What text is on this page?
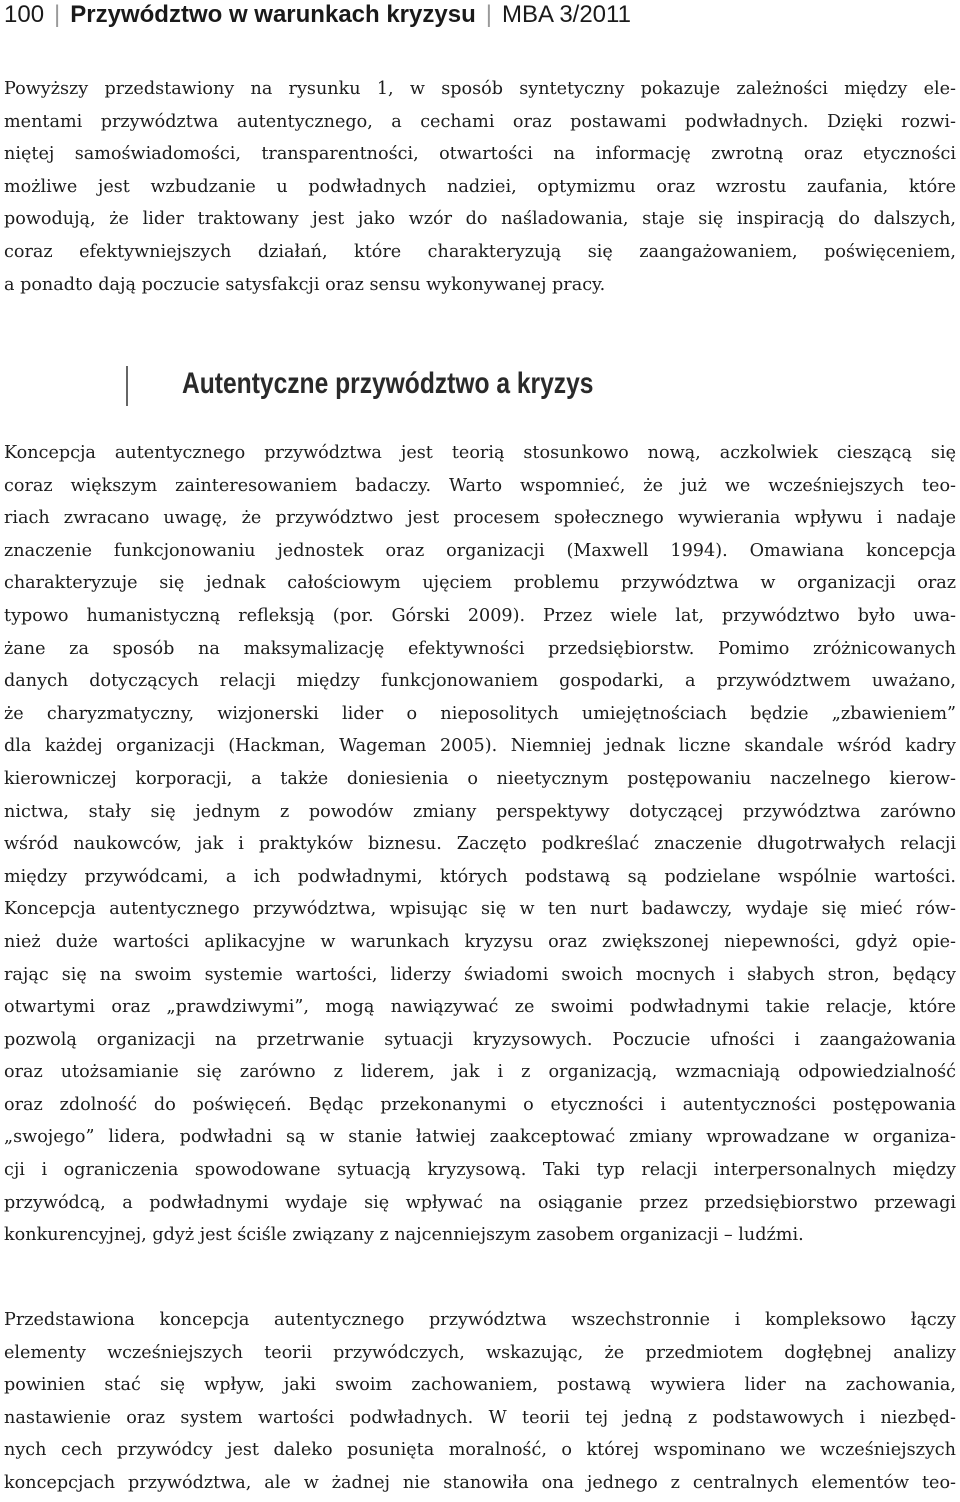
100 | Przywództwo w warunkach kryzysu | MBA 3/2011
Powyższy przedstawiony na rysunku 1, w sposób syntetyczny pokazuje zależności między ele-
mentami przywództwa autentycznego, a cechami oraz postawami podwładnych. Dzięki rozwi-
niętej samoświadomości, transparentności, otwartości na informację zwrotną oraz etyczności
możliwe jest wzbudzanie u podwładnych nadziei, optymizmu oraz wzrostu zaufania, które
powodują, że lider traktowany jest jako wzór do naśladowania, staje się inspiracją do dalszych,
coraz efektywniejszych działań, które charakteryzują się zaangażowaniem, poświęceniem,
a ponadto dają poczucie satysfakcji oraz sensu wykonywanej pracy.
Autentyczne przywództwo a kryzys
Koncepcja autentycznego przywództwa jest teorią stosunkowo nową, aczkolwiek cieszącą się
coraz większym zainteresowaniem badaczy. Warto wspomnieć, że już we wcześniejszych teo-
riach zwracano uwagę, że przywództwo jest procesem społecznego wywierania wpływu i nadaje
znaczenie funkcjonowaniu jednostek oraz organizacji (Maxwell 1994). Omawiana koncepcja
charakteryzuje się jednak całościowym ujęciem problemu przywództwa w organizacji oraz
typowo humanistyczną refleksją (por. Górski 2009). Przez wiele lat, przywództwo było uwa-
żane za sposób na maksymalizację efektywności przedsiębiorstw. Pomimo zróżnicowanych
danych dotyczących relacji między funkcjonowaniem gospodarki, a przywództwem uważano,
że charyzmatyczny, wizjonerski lider o nieposolitych umiejętnościach będzie „zbawieniem”
dla każdej organizacji (Hackman, Wageman 2005). Niemniej jednak liczne skandale wśród kadry
kierowniczej korporacji, a także doniesienia o nieetycznym postępowaniu naczelnego kierow-
nictwa, stały się jednym z powodów zmiany perspektywy dotyczącej przywództwa zarówno
wśród naukowców, jak i praktyków biznesu. Zaczęto podkreślać znaczenie długotrwałych relacji
między przywódcami, a ich podwładnymi, których podstawą są podzielane wspólnie wartości.
Koncepcja autentycznego przywództwa, wpisując się w ten nurt badawczy, wydaje się mieć rów-
nież duże wartości aplikacyjne w warunkach kryzysu oraz zwiększonej niepewności, gdyż opie-
rając się na swoim systemie wartości, liderzy świadomi swoich mocnych i słabych stron, będący
otwartymi oraz „prawdziwymi”, mogą nawiązywać ze swoimi podwładnymi takie relacje, które
pozwolą organizacji na przetrwanie sytuacji kryzysowych. Poczucie ufności i zaangażowania
oraz utożsamianie się zarówno z liderem, jak i z organizacją, wzmacniają odpowiedzialność
oraz zdolność do poświęceń. Będąc przekonanymi o etyczności i autentyczności postępowania
„swojego” lidera, podwładni są w stanie łatwiej zaakceptować zmiany wprowadzane w organiza-
cji i ograniczenia spowodowane sytuacją kryzysową. Taki typ relacji interpersonalnych między
przywódcą, a podwładnymi wydaje się wpływać na osiąganie przez przedsiębiorstwo przewagi
konkurencyjnej, gdyż jest ściśle związany z najcenniejszym zasobem organizacji – ludźmi.
Przedstawiona koncepcja autentycznego przywództwa wszechstronnie i kompleksowo łączy
elementy wcześniejszych teorii przywódczych, wskazując, że przedmiotem dogłębnej analizy
powinien stać się wpływ, jaki swoim zachowaniem, postawą wywiera lider na zachowania,
nastawienie oraz system wartości podwładnych. W teorii tej jedną z podstawowych i niezbęd-
nych cech przywódcy jest daleko posunięta moralność, o której wspominano we wcześniejszych
koncepcjach przywództwa, ale w żadnej nie stanowiła ona jednego z centralnych elementów teo-
